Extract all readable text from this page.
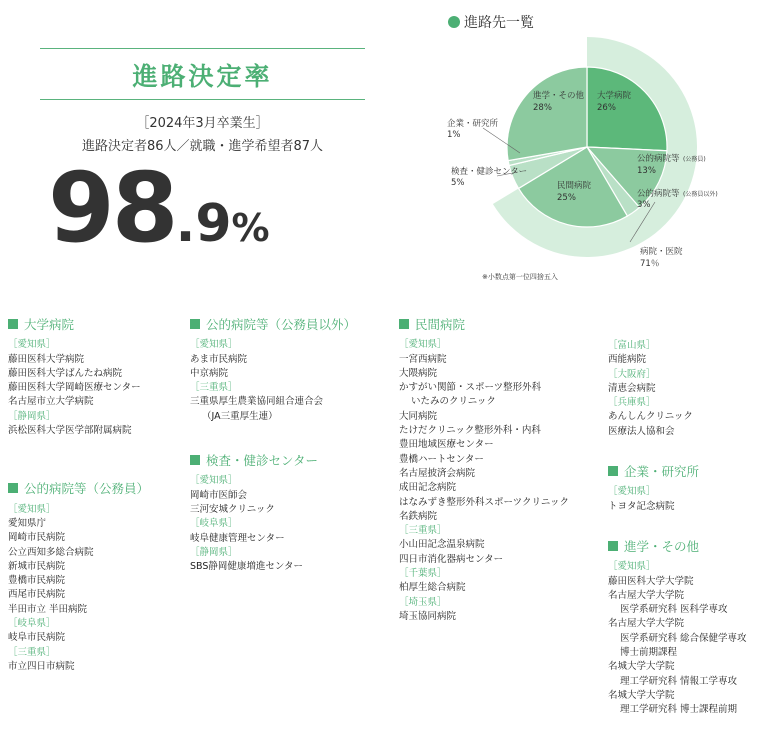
進路決定率
［2024年3月卒業生］
進路決定者86人／就職・進学希望者87人
98.9%
進路先一覧
進学・その他
28%
大学病院
26%
公的病院等 (公務員)
13%
公的病院等 (公務員以外)
3%
民間病院
25%
企業・研究所
1%
検査・健診センター
5%
病院・医院
71％
※小数点第一位四捨五入
大学病院
［愛知県］
藤田医科大学病院
藤田医科大学ばんたね病院
藤田医科大学岡崎医療センター
名古屋市立大学病院
［静岡県］
浜松医科大学医学部附属病院
公的病院等（公務員）
［愛知県］
愛知県庁
岡崎市民病院
公立西知多総合病院
新城市民病院
豊橋市民病院
西尾市民病院
半田市立 半田病院
［岐阜県］
岐阜市民病院
［三重県］
市立四日市病院
公的病院等（公務員以外）
［愛知県］
あま市民病院
中京病院
［三重県］
三重県厚生農業協同組合連合会
（JA三重厚生連）
検査・健診センター
［愛知県］
岡崎市医師会
三河安城クリニック
［岐阜県］
岐阜健康管理センター
［静岡県］
SBS静岡健康増進センター
民間病院
［愛知県］
一宮西病院
大隈病院
かすがい関節・スポーツ整形外科
いたみのクリニック
大同病院
たけだクリニック整形外科・内科
豊田地域医療センター
豊橋ハートセンター
名古屋披済会病院
成田記念病院
はなみずき整形外科スポーツクリニック
名鉄病院
［三重県］
小山田記念温泉病院
四日市消化器病センター
［千葉県］
柏厚生総合病院
［埼玉県］
埼玉協同病院
［富山県］
西能病院
［大阪府］
清恵会病院
［兵庫県］
あんしんクリニック
医療法人協和会
企業・研究所
［愛知県］
トヨタ記念病院
進学・その他
［愛知県］
藤田医科大学大学院
名古屋大学大学院
医学系研究科 医科学専攻
名古屋大学大学院
医学系研究科 総合保健学専攻
博士前期課程
名城大学大学院
理工学研究科 情報工学専攻
名城大学大学院
理工学研究科 博士課程前期
